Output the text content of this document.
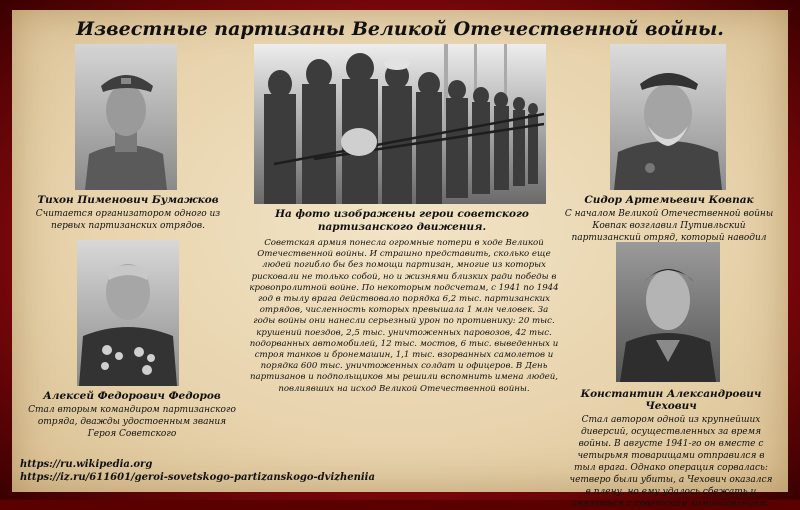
Известные партизаны Великой Отечественной войны.
Тихон Пименович Бумажков
Считается организатором одного из первых партизанских отрядов.
Сидор Артемьевич Ковпак
С началом Великой Отечественной войны Ковпак возглавил Путивльский партизанский отряд, который наводил
Алексей Федорович Федоров
Стал вторым командиром партизанского отряда, дважды удостоенным звания Героя Советского
Константин Александрович Чехович
Стал автором одной из крупнейших диверсий, осуществленных за время войны. В августе 1941-го он вместе с четырьмя товарищами отправился в тыл врага. Однако операция сорвалась: четверо были убиты, а Чехович оказался в плену, но ему удалось сбежать и связаться с советским командованием.
На фото изображены герои советского партизанского движения.
Советская армия понесла огромные потери в ходе Великой Отечественной войны. И страшно представить, сколько еще людей погибло бы без помощи партизан, многие из которых рисковали не только собой, но и жизнями близких ради победы в кровопролитной войне. По некоторым подсчетам, с 1941 по 1944 год в тылу врага действовало порядка 6,2 тыс. партизанских отрядов, численность которых превышала 1 млн человек. За годы войны они нанесли серьезный урон по противнику: 20 тыс. крушений поездов, 2,5 тыс. уничтоженных паровозов, 42 тыс. подорванных автомобилей, 12 тыс. мостов, 6 тыс. выведенных и строя танков и бронемашин, 1,1 тыс. взорванных самолетов и порядка 600 тыс. уничтоженных солдат и офицеров. В День партизанов и подпольщиков мы решили вспомнить имена людей, повлиявших на исход Великой Отечественной войны.
https://ru.wikipedia.org
https://iz.ru/611601/geroi-sovetskogo-partizanskogo-dvizheniia
